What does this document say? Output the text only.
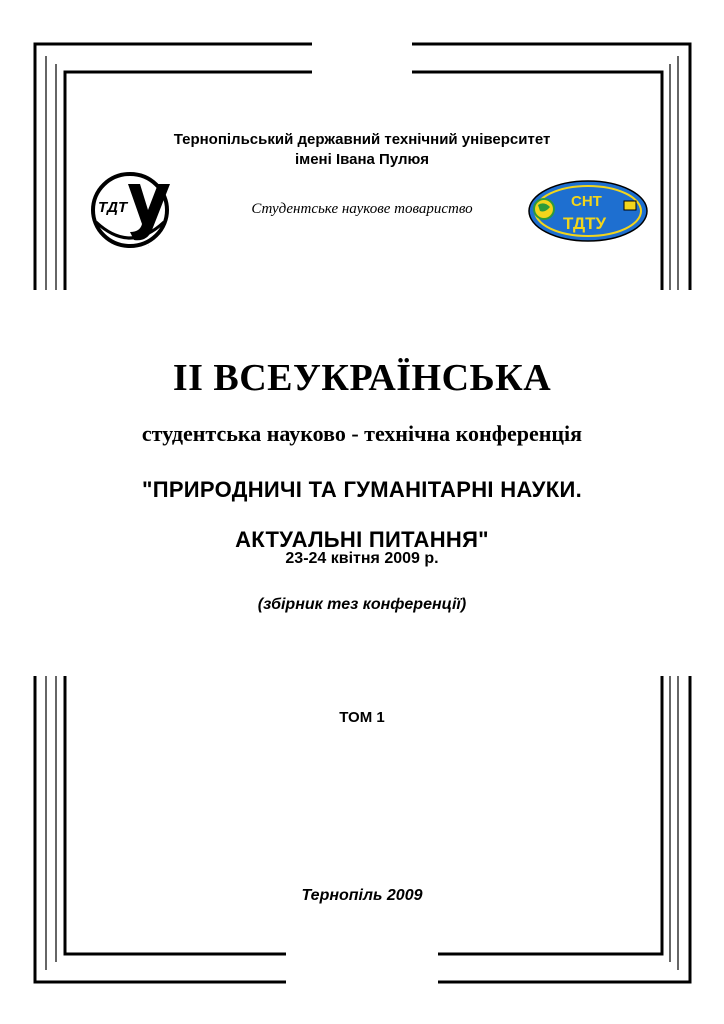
Тернопільський державний технічний університет
імені Івана Пулюя
ТДТ
У
Студентське наукове товариство	СНТ
ТДТУ
ІІ ВСЕУКРАЇНСЬКА
студентська науково - технічна конференція
"ПРИРОДНИЧІ ТА ГУМАНІТАРНІ НАУКИ.
АКТУАЛЬНІ ПИТАННЯ"
23-24 квітня 2009 р.
(збірник тез конференції)
ТОМ 1
Тернопіль 2009
